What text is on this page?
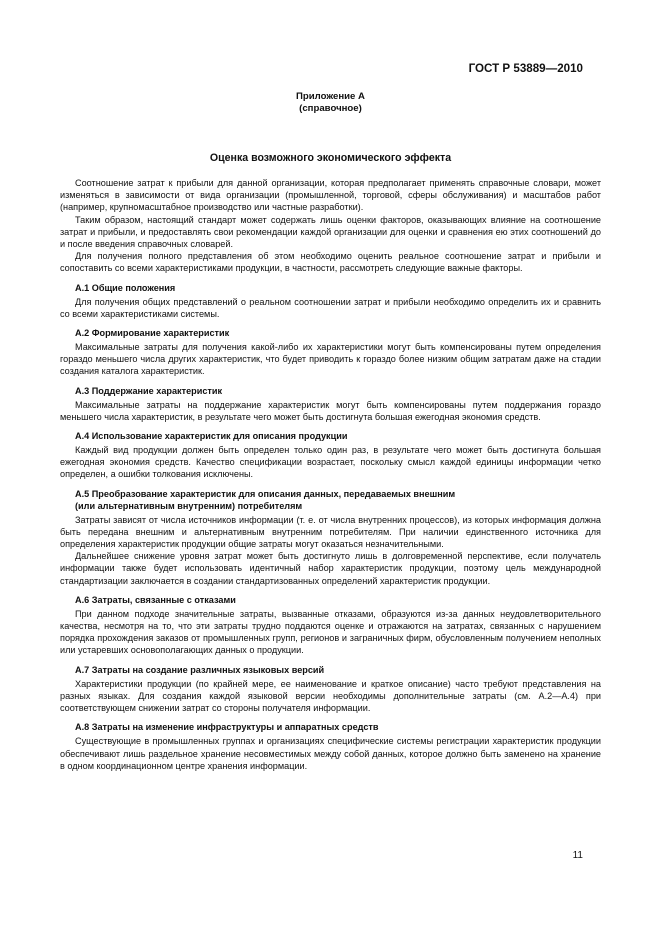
ГОСТ Р 53889—2010
Приложение А
(справочное)
Оценка возможного экономического эффекта

Соотношение затрат к прибыли для данной организации, которая предполагает применять справочные словари, может изменяться в зависимости от вида организации (промышленной, торговой, сферы обслуживания) и масштабов работ (например, крупномасштабное производство или частные разработки).

Таким образом, настоящий стандарт может содержать лишь оценки факторов, оказывающих влияние на соотношение затрат и прибыли, и предоставлять свои рекомендации каждой организации для оценки и сравнения ею этих соотношений до и после введения справочных словарей.

Для получения полного представления об этом необходимо оценить реальное соотношение затрат и прибыли и сопоставить со всеми характеристиками продукции, в частности, рассмотреть следующие важные факторы.

А.1 Общие положения

Для получения общих представлений о реальном соотношении затрат и прибыли необходимо определить их и сравнить со всеми характеристиками системы.

А.2 Формирование характеристик

Максимальные затраты для получения какой-либо их характеристики могут быть компенсированы путем определения гораздо меньшего числа других характеристик, что будет приводить к гораздо более низким общим затратам даже на стадии создания каталога характеристик.

А.3 Поддержание характеристик

Максимальные затраты на поддержание характеристик могут быть компенсированы путем поддержания гораздо меньшего числа характеристик, в результате чего может быть достигнута большая ежегодная экономия средств.

А.4 Использование характеристик для описания продукции

Каждый вид продукции должен быть определен только один раз, в результате чего может быть достигнута большая ежегодная экономия средств. Качество спецификации возрастает, поскольку смысл каждой единицы информации четко определен, а ошибки толкования исключены.

А.5 Преобразование характеристик для описания данных, передаваемых внешним
(или альтернативным внутренним) потребителям

Затраты зависят от числа источников информации (т. е. от числа внутренних процессов), из которых информация должна быть передана внешним и альтернативным внутренним потребителям. При наличии единственного источника для определения характеристик продукции общие затраты могут оказаться незначительными.

Дальнейшее снижение уровня затрат может быть достигнуто лишь в долговременной перспективе, если получатель информации также будет использовать идентичный набор характеристик продукции, поэтому цель международной стандартизации заключается в создании стандартизованных определений характеристик продукции.

А.6 Затраты, связанные с отказами

При данном подходе значительные затраты, вызванные отказами, образуются из-за данных неудовлетворительного качества, несмотря на то, что эти затраты трудно поддаются оценке и отражаются на затратах, связанных с нарушением порядка прохождения заказов от промышленных групп, регионов и заграничных фирм, обусловленным получением неполных или устаревших основополагающих данных о продукции.

А.7 Затраты на создание различных языковых версий

Характеристики продукции (по крайней мере, ее наименование и краткое описание) часто требуют представления на разных языках. Для создания каждой языковой версии необходимы дополнительные затраты (см. А.2—А.4) при соответствующем снижении затрат со стороны получателя информации.

А.8 Затраты на изменение инфраструктуры и аппаратных средств

Существующие в промышленных группах и организациях специфические системы регистрации характеристик продукции обеспечивают лишь раздельное хранение несовместимых между собой данных, которое должно быть заменено на хранение в одном координационном центре хранения информации.

11
